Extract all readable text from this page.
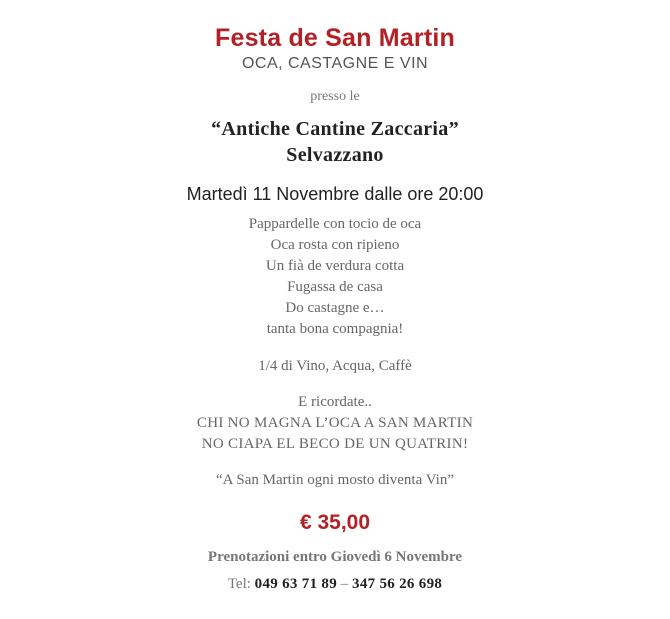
Festa de San Martin
OCA, CASTAGNE E VIN
presso le
“Antiche Cantine Zaccaria”
Selvazzano
Martedì 11 Novembre dalle ore 20:00
Pappardelle con tocio de oca
Oca rosta con ripieno
Un fià de verdura cotta
Fugassa de casa
Do castagne e…
tanta bona compagnia!
1/4 di Vino, Acqua, Caffè
E ricordate..
CHI NO MAGNA L’OCA A SAN MARTIN
NO CIAPA EL BECO DE UN QUATRIN!
“A San Martin ogni mosto diventa Vin”
€ 35,00
Prenotazioni entro Giovedì 6 Novembre
Tel: 049 63 71 89 – 347 56 26 698
